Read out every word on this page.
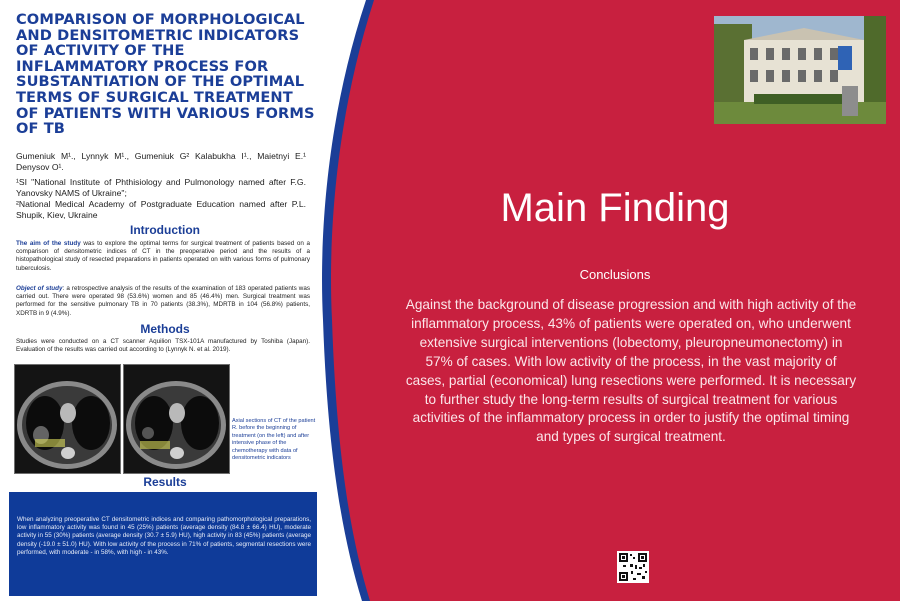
COMPARISON OF MORPHOLOGICAL AND DENSITOMETRIC INDICATORS OF ACTIVITY OF THE INFLAMMATORY PROCESS FOR SUBSTANTIATION OF THE OPTIMAL TERMS OF SURGICAL TREATMENT OF PATIENTS WITH VARIOUS FORMS OF TB
Gumeniuk M¹., Lynnyk M¹., Gumeniuk G² Kalabukha I¹., Maietnyi E.¹ Denysov O¹.
¹SI "National Institute of Phthisiology and Pulmonology named after F.G. Yanovsky NAMS of Ukraine";
²National Medical Academy of Postgraduate Education named after P.L. Shupik, Kiev, Ukraine
Introduction
The aim of the study was to explore the optimal terms for surgical treatment of patients based on a comparison of densitometric indices of CT in the preoperative period and the results of a histopathological study of resected preparations in patients operated on with various forms of pulmonary tuberculosis.
Object of study: a retrospective analysis of the results of the examination of 183 operated patients was carried out. There were operated 98 (53.6%) women and 85 (46.4%) men. Surgical treatment was performed for the sensitive pulmonary TB in 70 patients (38.3%), MDRTB in 104 (56.8%) patients, XDRTB in 9 (4.9%).
Methods
Studies were conducted on a CT scanner Aquilion TSX-101A manufactured by Toshiba (Japan). Evaluation of the results was carried out according to (Lynnyk N. et al. 2019).
Axial sections of CT of the patient R. before the beginning of treatment (on the left) and after intensive phase of the chemotherapy with data of densitometric indicators
Results
When analyzing preoperative CT densitometric indices and comparing pathomorphological preparations, low inflammatory activity was found in 45 (25%) patients (average density (84.8 ± 66.4) HU), moderate activity in 55 (30%) patients (average density (30.7 ± 5.9) HU), high activity in 83 (45%) patients (average density (-19.0 ± 51.0) HU). With low activity of the process in 71% of patients, segmental resections were performed, with moderate - in 58%, with high - in 43%.
Main Finding
Conclusions
Against the background of disease progression and with high activity of the inflammatory process, 43% of patients were operated on, who underwent extensive surgical interventions (lobectomy, pleuropneumonectomy) in 57% of cases. With low activity of the process, in the vast majority of cases, partial (economical) lung resections were performed. It is necessary to further study the long-term results of surgical treatment for various activities of the inflammatory process in order to justify the optimal timing and types of surgical treatment.
